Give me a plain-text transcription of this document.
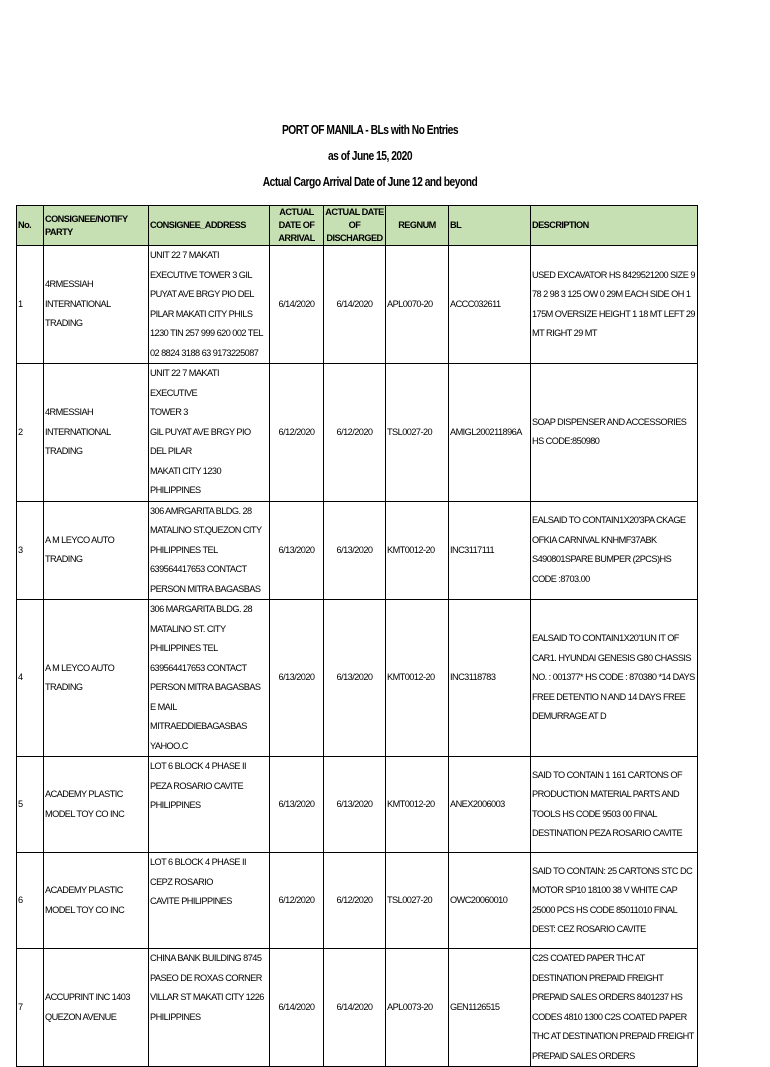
PORT OF MANILA - BLs with No Entries
as of June 15, 2020
Actual Cargo Arrival Date of June 12 and beyond
No.	CONSIGNEE/NOTIFY PARTY	CONSIGNEE_ADDRESS	ACTUAL DATE OF ARRIVAL	ACTUAL DATE OF DISCHARGED	REGNUM	BL	DESCRIPTION

1	4RMESSIAH INTERNATIONAL TRADING	UNIT 22 7 MAKATI EXECUTIVE TOWER 3 GIL PUYAT AVE BRGY PIO DEL PILAR MAKATI CITY PHILS 1230 TIN 257 999 620 002 TEL 02 8824 3188 63 9173225087	6/14/2020	6/14/2020	APL0070-20	ACCC032611	USED EXCAVATOR HS 8429521200 SIZE 9 78 2 98 3 125 OW 0 29M EACH SIDE OH 1 175M OVERSIZE HEIGHT 1 18 MT LEFT 29 MT RIGHT 29 MT

2	4RMESSIAH INTERNATIONAL TRADING	UNIT 22 7 MAKATI EXECUTIVE
TOWER 3
GIL PUYAT AVE BRGY PIO DEL PILAR
MAKATI CITY 1230 PHILIPPINES	6/12/2020	6/12/2020	TSL0027-20	AMIGL200211896A	SOAP DISPENSER AND ACCESSORIES HS CODE:850980

3	A M LEYCO AUTO TRADING	306 AMRGARITA BLDG. 28 MATALINO ST.QUEZON CITY PHILIPPINES TEL 639564417653 CONTACT PERSON MITRA BAGASBAS	6/13/2020	6/13/2020	KMT0012-20	INC3117111	EALSAID TO CONTAIN1X20'3PA CKAGE OFKIA CARNIVAL KNHMF37ABK S490801SPARE BUMPER (2PCS)HS CODE :8703.00

4	A M LEYCO AUTO TRADING	306 MARGARITA BLDG. 28 MATALINO ST. CITY PHILIPPINES TEL 639564417653 CONTACT PERSON MITRA BAGASBAS E MAIL MITRAEDDIEBAGASBAS YAHOO.C	6/13/2020	6/13/2020	KMT0012-20	INC3118783	EALSAID TO CONTAIN1X20'1UN IT OF CAR1. HYUNDAI GENESIS G80 CHASSIS NO. : 001377* HS CODE : 870380 *14 DAYS FREE DETENTIO N AND 14 DAYS FREE DEMURRAGE AT D

5	ACADEMY PLASTIC MODEL TOY CO INC	LOT 6 BLOCK 4 PHASE II PEZA ROSARIO CAVITE PHILIPPINES	6/13/2020	6/13/2020	KMT0012-20	ANEX2006003	SAID TO CONTAIN 1 161 CARTONS OF PRODUCTION MATERIAL PARTS AND TOOLS HS CODE 9503 00 FINAL DESTINATION PEZA ROSARIO CAVITE

6	ACADEMY PLASTIC MODEL TOY CO INC	LOT 6 BLOCK 4 PHASE II CEPZ ROSARIO
CAVITE PHILIPPINES	6/12/2020	6/12/2020	TSL0027-20	OWC20060010	SAID TO CONTAIN: 25 CARTONS STC DC MOTOR SP10 18100 38 V WHITE CAP 25000 PCS HS CODE 85011010 FINAL DEST: CEZ ROSARIO CAVITE

7	ACCUPRINT INC 1403 QUEZON AVENUE	CHINA BANK BUILDING 8745 PASEO DE ROXAS CORNER VILLAR ST MAKATI CITY 1226 PHILIPPINES	6/14/2020	6/14/2020	APL0073-20	GEN1126515	C2S COATED PAPER THC AT DESTINATION PREPAID FREIGHT PREPAID SALES ORDERS 8401237 HS CODES 4810 1300 C2S COATED PAPER THC AT DESTINATION PREPAID FREIGHT PREPAID SALES ORDERS
